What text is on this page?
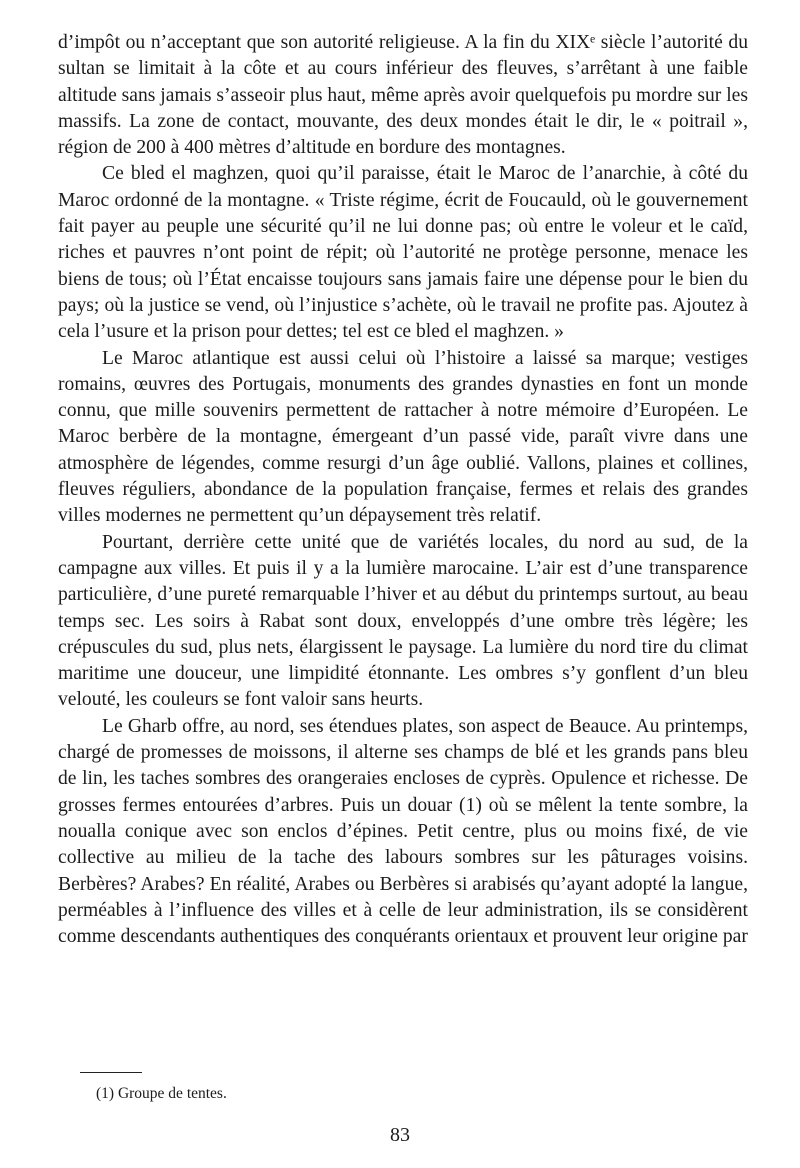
d’impôt ou n’acceptant que son autorité religieuse. A la fin du XIXᵉ siècle l’autorité du sultan se limitait à la côte et au cours inférieur des fleuves, s’arrêtant à une faible altitude sans jamais s’asseoir plus haut, même après avoir quelquefois pu mordre sur les massifs. La zone de contact, mouvante, des deux mondes était le dir, le « poitrail », région de 200 à 400 mètres d’altitude en bordure des montagnes.

Ce bled el maghzen, quoi qu’il paraisse, était le Maroc de l’anarchie, à côté du Maroc ordonné de la montagne. « Triste régime, écrit de Foucauld, où le gouvernement fait payer au peuple une sécurité qu’il ne lui donne pas; où entre le voleur et le caïd, riches et pauvres n’ont point de répit; où l’autorité ne protège personne, menace les biens de tous; où l’État encaisse toujours sans jamais faire une dépense pour le bien du pays; où la justice se vend, où l’injustice s’achète, où le travail ne profite pas. Ajoutez à cela l’usure et la prison pour dettes; tel est ce bled el maghzen. »

Le Maroc atlantique est aussi celui où l’histoire a laissé sa marque; vestiges romains, œuvres des Portugais, monuments des grandes dynasties en font un monde connu, que mille souvenirs permettent de rattacher à notre mémoire d’Européen. Le Maroc berbère de la montagne, émergeant d’un passé vide, paraît vivre dans une atmosphère de légendes, comme resurgi d’un âge oublié. Vallons, plaines et collines, fleuves réguliers, abondance de la population française, fermes et relais des grandes villes modernes ne permettent qu’un dépaysement très relatif.

Pourtant, derrière cette unité que de variétés locales, du nord au sud, de la campagne aux villes. Et puis il y a la lumière marocaine. L’air est d’une transparence particulière, d’une pureté remarquable l’hiver et au début du printemps surtout, au beau temps sec. Les soirs à Rabat sont doux, enveloppés d’une ombre très légère; les crépuscules du sud, plus nets, élargissent le paysage. La lumière du nord tire du climat maritime une douceur, une limpidité étonnante. Les ombres s’y gonflent d’un bleu velouté, les couleurs se font valoir sans heurts.

Le Gharb offre, au nord, ses étendues plates, son aspect de Beauce. Au printemps, chargé de promesses de moissons, il alterne ses champs de blé et les grands pans bleu de lin, les taches sombres des orangeraies encloses de cyprès. Opulence et richesse. De grosses fermes entourées d’arbres. Puis un douar (1) où se mêlent la tente sombre, la noualla conique avec son enclos d’épines. Petit centre, plus ou moins fixé, de vie collective au milieu de la tache des labours sombres sur les pâturages voisins. Berbères? Arabes? En réalité, Arabes ou Berbères si arabisés qu’ayant adopté la langue, perméables à l’influence des villes et à celle de leur administration, ils se considèrent comme descendants authentiques des conquérants orientaux et prouvent leur origine par

(1) Groupe de tentes.
83
